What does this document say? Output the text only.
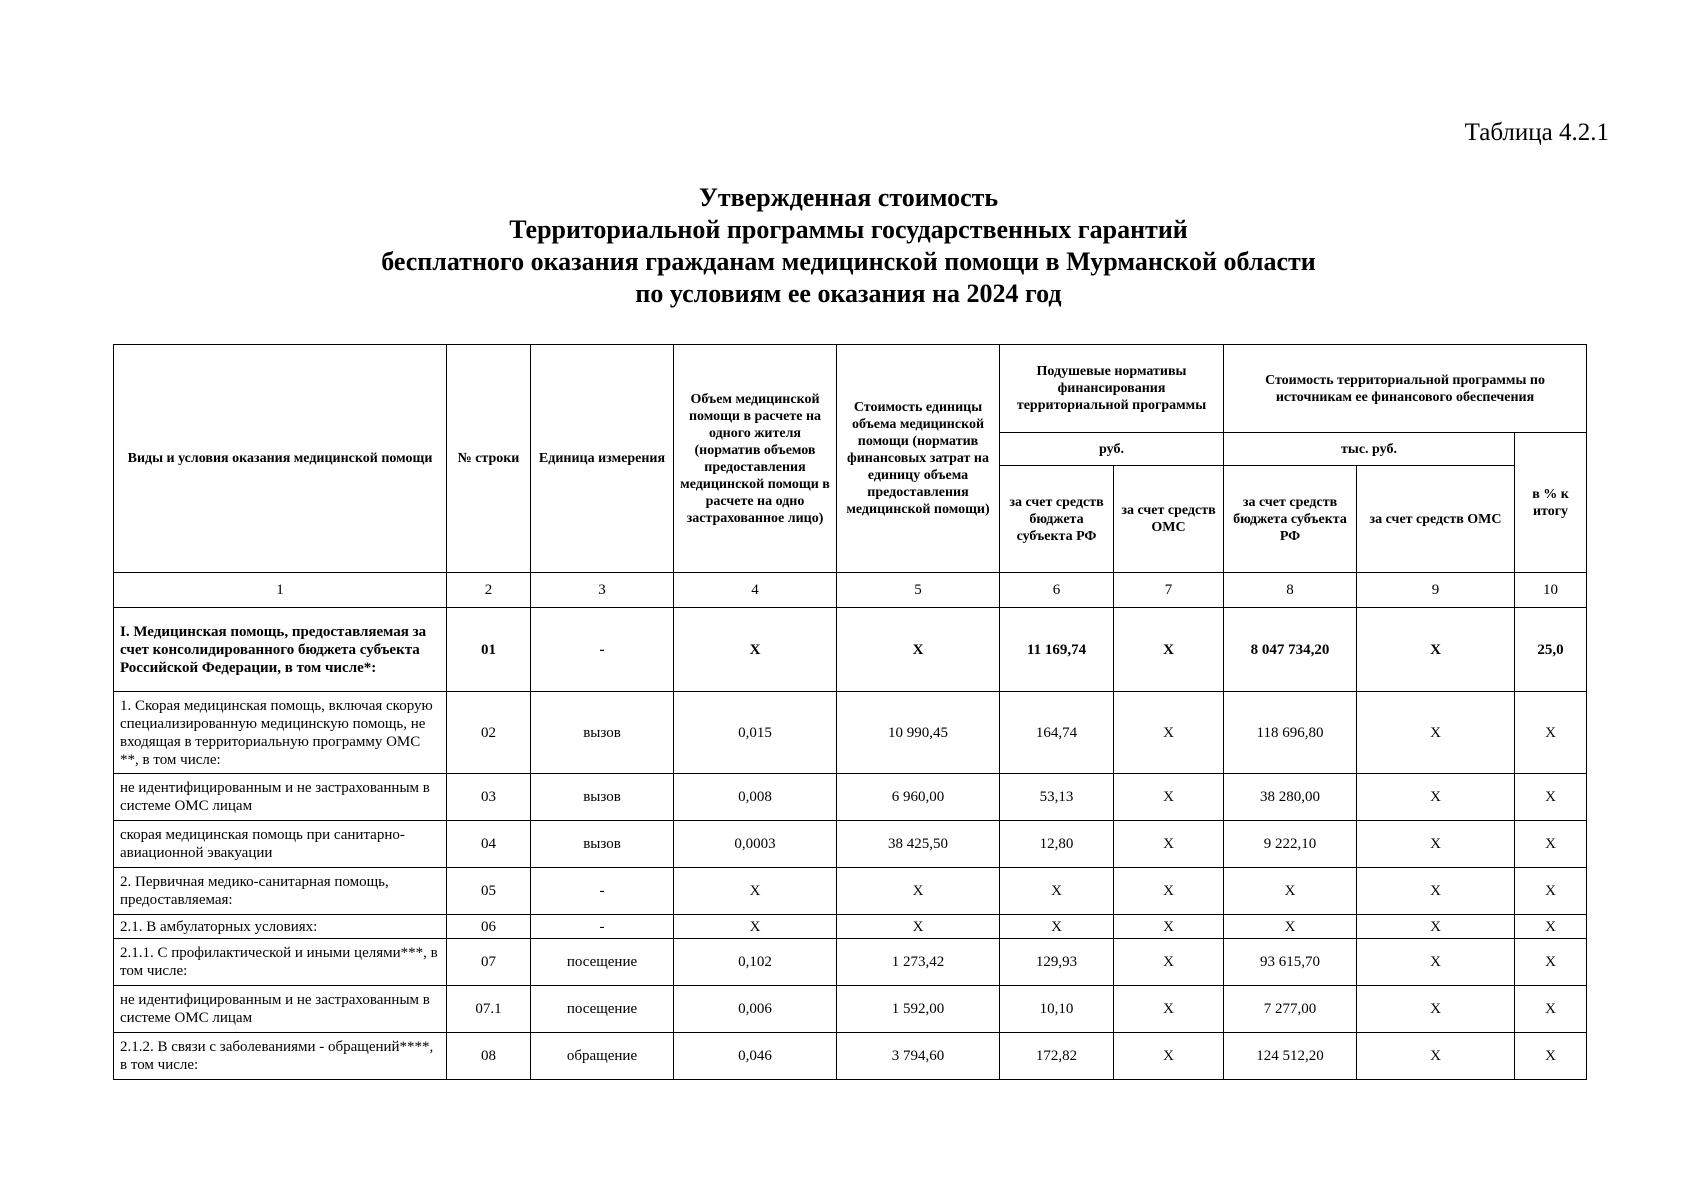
Таблица 4.2.1
Утвержденная стоимость
Территориальной программы государственных гарантий
бесплатного оказания гражданам медицинской помощи в Мурманской области
по условиям ее оказания на 2024 год
Виды и условия оказания медицинской помощи	№ строки	Единица измерения	Объем медицинской помощи в расчете на одного жителя (норматив объемов предоставления медицинской помощи в расчете на одно застрахованное лицо)	Стоимость единицы объема медицинской помощи (норматив финансовых затрат на единицу объема предоставления медицинской помощи)	Подушевые нормативы финансирования территориальной программы		Стоимость территориальной программы по источникам ее финансового обеспечения		
					руб.		тыс. руб.		в % к итогу
					за счет средств бюджета субъекта РФ	за счет средств ОМС	за счет средств бюджета субъекта РФ	за счет средств ОМС	
1	2	3	4	5	6	7	8	9	10
I. Медицинская помощь, предоставляемая за счет консолидированного бюджета субъекта Российской Федерации, в том числе*:	01	-	X	X	11 169,74	X	8 047 734,20	X	25,0
1. Скорая медицинская помощь, включая скорую специализированную медицинскую помощь, не входящая в территориальную программу ОМС **, в том числе:	02	вызов	0,015	10 990,45	164,74	X	118 696,80	X	X
не идентифицированным и не застрахованным в системе ОМС лицам	03	вызов	0,008	6 960,00	53,13	X	38 280,00	X	X
скорая медицинская помощь при санитарно-авиационной эвакуации	04	вызов	0,0003	38 425,50	12,80	X	9 222,10	X	X
2. Первичная медико-санитарная помощь, предоставляемая:	05	-	X	X	X	X	X	X	X
2.1. В амбулаторных условиях:	06	-	X	X	X	X	X	X	X
2.1.1. С профилактической и иными целями***, в том числе:	07	посещение	0,102	1 273,42	129,93	X	93 615,70	X	X
не идентифицированным и не застрахованным в системе ОМС лицам	07.1	посещение	0,006	1 592,00	10,10	X	7 277,00	X	X
2.1.2. В связи с заболеваниями - обращений****, в том числе:	08	обращение	0,046	3 794,60	172,82	X	124 512,20	X	X
